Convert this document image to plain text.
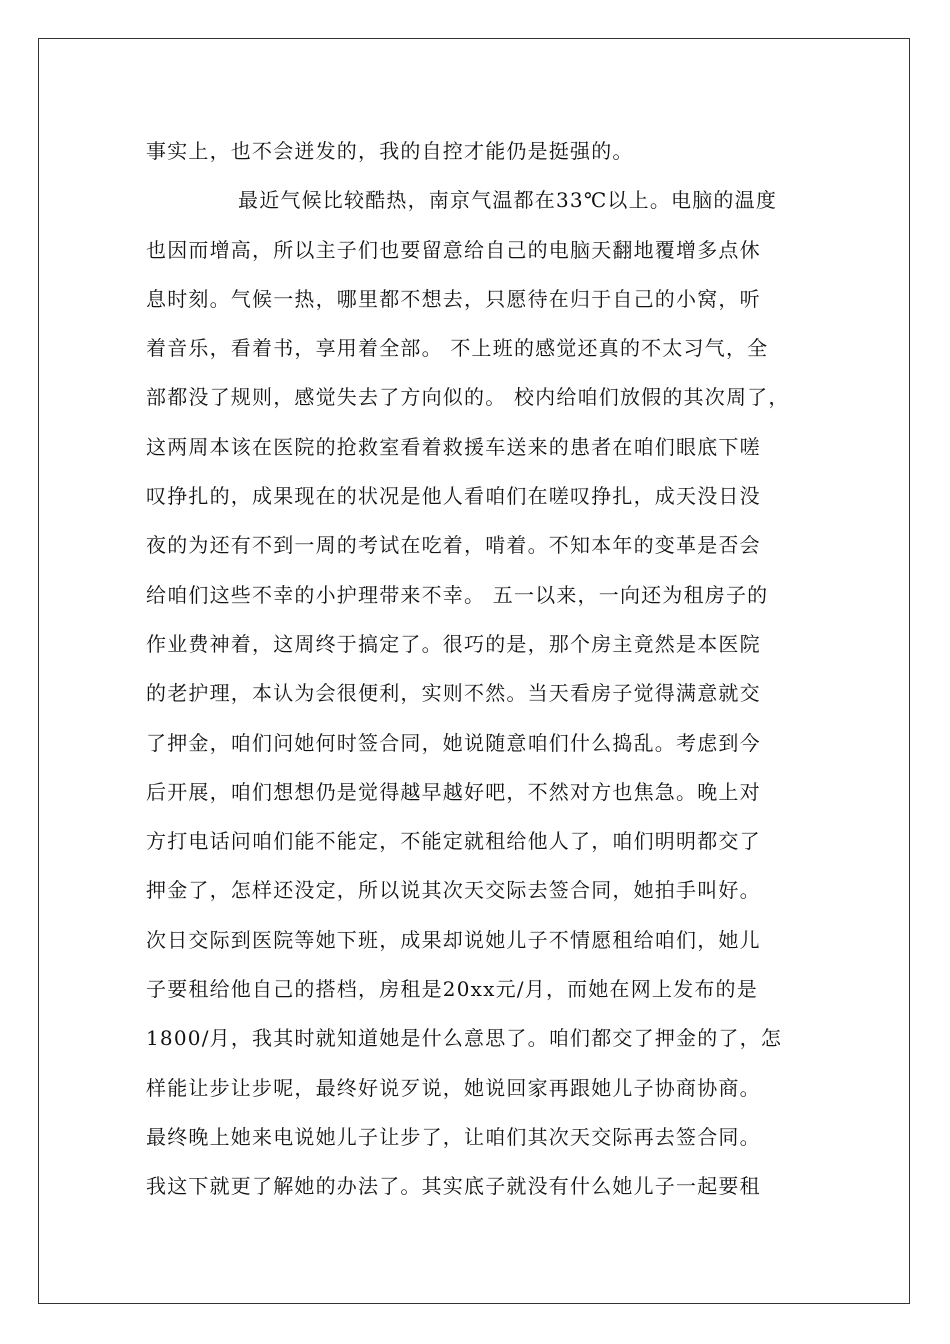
事实上，也不会迸发的，我的自控才能仍是挺强的。
最近气候比较酷热，南京气温都在33℃以上。电脑的温度
也因而增高，所以主子们也要留意给自己的电脑天翻地覆增多点休
息时刻。气候一热，哪里都不想去，只愿待在归于自己的小窝，听
着音乐，看着书，享用着全部。 不上班的感觉还真的不太习气，全
部都没了规则，感觉失去了方向似的。 校内给咱们放假的其次周了，
这两周本该在医院的抢救室看着救援车送来的患者在咱们眼底下嗟
叹挣扎的，成果现在的状况是他人看咱们在嗟叹挣扎，成天没日没
夜的为还有不到一周的考试在吃着，啃着。不知本年的变革是否会
给咱们这些不幸的小护理带来不幸。 五一以来，一向还为租房子的
作业费神着，这周终于搞定了。很巧的是，那个房主竟然是本医院
的老护理，本认为会很便利，实则不然。当天看房子觉得满意就交
了押金，咱们问她何时签合同，她说随意咱们什么捣乱。考虑到今
后开展，咱们想想仍是觉得越早越好吧，不然对方也焦急。晚上对
方打电话问咱们能不能定，不能定就租给他人了，咱们明明都交了
押金了，怎样还没定，所以说其次天交际去签合同，她拍手叫好。
次日交际到医院等她下班，成果却说她儿子不情愿租给咱们，她儿
子要租给他自己的搭档，房租是20xx元/月，而她在网上发布的是
1800/月，我其时就知道她是什么意思了。咱们都交了押金的了，怎
样能让步让步呢，最终好说歹说，她说回家再跟她儿子协商协商。
最终晚上她来电说她儿子让步了，让咱们其次天交际再去签合同。
我这下就更了解她的办法了。其实底子就没有什么她儿子一起要租
